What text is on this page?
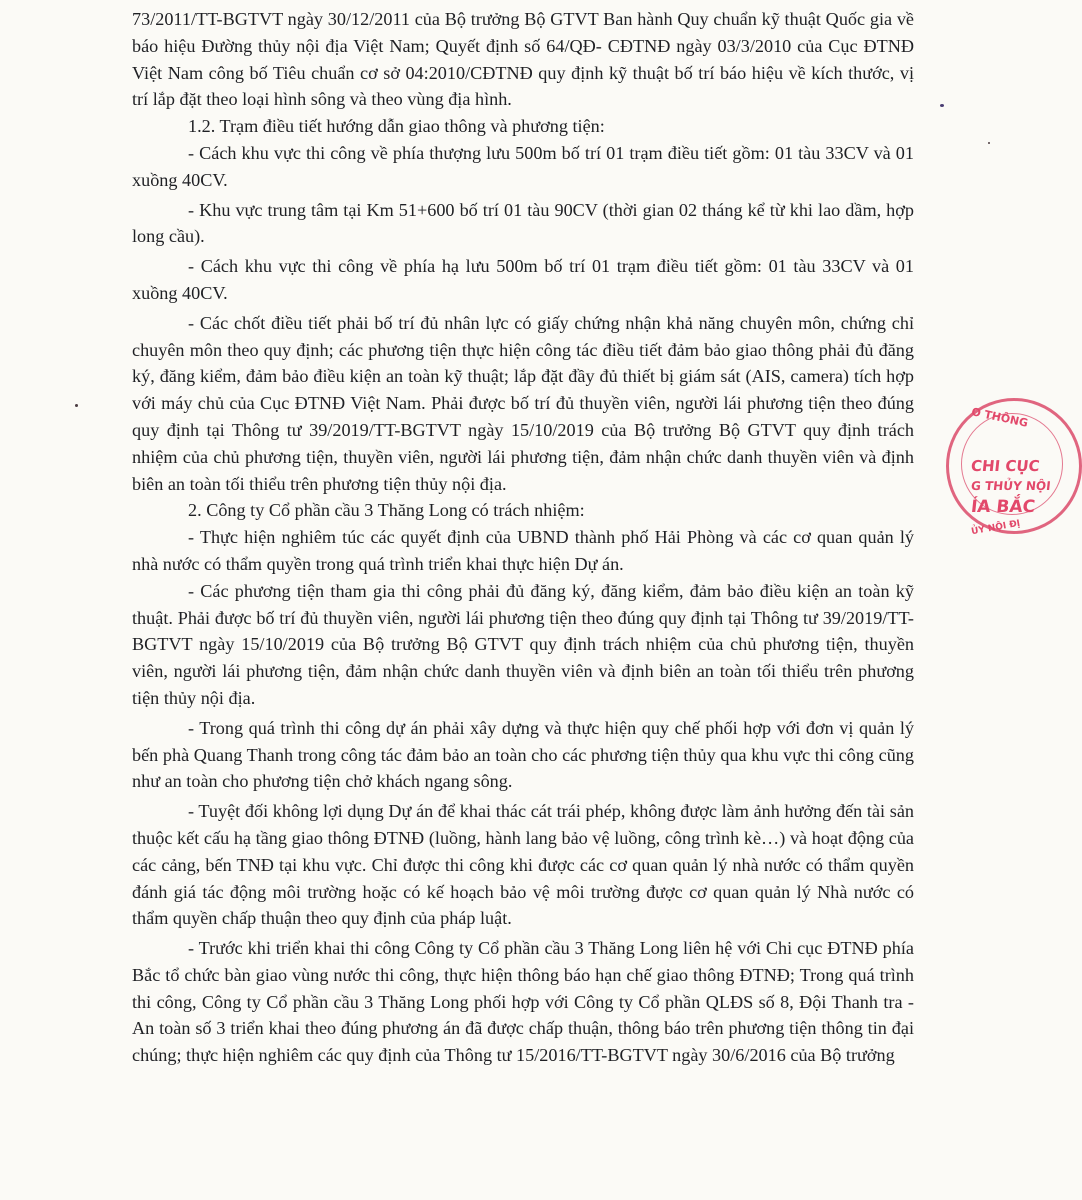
73/2011/TT-BGTVT ngày 30/12/2011 của Bộ trưởng Bộ GTVT Ban hành Quy chuẩn kỹ thuật Quốc gia về báo hiệu Đường thủy nội địa Việt Nam; Quyết định số 64/QĐ- CĐTNĐ ngày 03/3/2010 của Cục ĐTNĐ Việt Nam công bố Tiêu chuẩn cơ sở 04:2010/CĐTNĐ quy định kỹ thuật bố trí báo hiệu về kích thước, vị trí lắp đặt theo loại hình sông và theo vùng địa hình.

1.2. Trạm điều tiết hướng dẫn giao thông và phương tiện:

- Cách khu vực thi công về phía thượng lưu 500m bố trí 01 trạm điều tiết gồm: 01 tàu 33CV và 01 xuồng 40CV.

- Khu vực trung tâm tại Km 51+600 bố trí 01 tàu 90CV (thời gian 02 tháng kể từ khi lao dầm, hợp long cầu).

- Cách khu vực thi công về phía hạ lưu 500m bố trí 01 trạm điều tiết gồm: 01 tàu 33CV và 01 xuồng 40CV.

- Các chốt điều tiết phải bố trí đủ nhân lực có giấy chứng nhận khả năng chuyên môn, chứng chỉ chuyên môn theo quy định; các phương tiện thực hiện công tác điều tiết đảm bảo giao thông phải đủ đăng ký, đăng kiểm, đảm bảo điều kiện an toàn kỹ thuật; lắp đặt đầy đủ thiết bị giám sát (AIS, camera) tích hợp với máy chủ của Cục ĐTNĐ Việt Nam. Phải được bố trí đủ thuyền viên, người lái phương tiện theo đúng quy định tại Thông tư 39/2019/TT-BGTVT ngày 15/10/2019 của Bộ trưởng Bộ GTVT quy định trách nhiệm của chủ phương tiện, thuyền viên, người lái phương tiện, đảm nhận chức danh thuyền viên và định biên an toàn tối thiểu trên phương tiện thủy nội địa.

2. Công ty Cổ phần cầu 3 Thăng Long có trách nhiệm:

- Thực hiện nghiêm túc các quyết định của UBND thành phố Hải Phòng và các cơ quan quản lý nhà nước có thẩm quyền trong quá trình triển khai thực hiện Dự án.

- Các phương tiện tham gia thi công phải đủ đăng ký, đăng kiểm, đảm bảo điều kiện an toàn kỹ thuật. Phải được bố trí đủ thuyền viên, người lái phương tiện theo đúng quy định tại Thông tư 39/2019/TT-BGTVT ngày 15/10/2019 của Bộ trưởng Bộ GTVT quy định trách nhiệm của chủ phương tiện, thuyền viên, người lái phương tiện, đảm nhận chức danh thuyền viên và định biên an toàn tối thiểu trên phương tiện thủy nội địa.

- Trong quá trình thi công dự án phải xây dựng và thực hiện quy chế phối hợp với đơn vị quản lý bến phà Quang Thanh trong công tác đảm bảo an toàn cho các phương tiện thủy qua khu vực thi công cũng như an toàn cho phương tiện chở khách ngang sông.

- Tuyệt đối không lợi dụng Dự án để khai thác cát trái phép, không được làm ảnh hưởng đến tài sản thuộc kết cấu hạ tầng giao thông ĐTNĐ (luồng, hành lang bảo vệ luồng, công trình kè…) và hoạt động của các cảng, bến TNĐ tại khu vực. Chỉ được thi công khi được các cơ quan quản lý nhà nước có thẩm quyền đánh giá tác động môi trường hoặc có kế hoạch bảo vệ môi trường được cơ quan quản lý Nhà nước có thẩm quyền chấp thuận theo quy định của pháp luật.

- Trước khi triển khai thi công Công ty Cổ phần cầu 3 Thăng Long liên hệ với Chi cục ĐTNĐ phía Bắc tổ chức bàn giao vùng nước thi công, thực hiện thông báo hạn chế giao thông ĐTNĐ; Trong quá trình thi công, Công ty Cổ phần cầu 3 Thăng Long phối hợp với Công ty Cổ phần QLĐS số 8, Đội Thanh tra - An toàn số 3 triển khai theo đúng phương án đã được chấp thuận, thông báo trên phương tiện thông tin đại chúng; thực hiện nghiêm các quy định của Thông tư 15/2016/TT-BGTVT ngày 30/6/2016 của Bộ trưởng

O THÔNG
CHI CỤC
G THỦY NỘI
ÍA BẮC
ỦY NỘI ĐỊ
